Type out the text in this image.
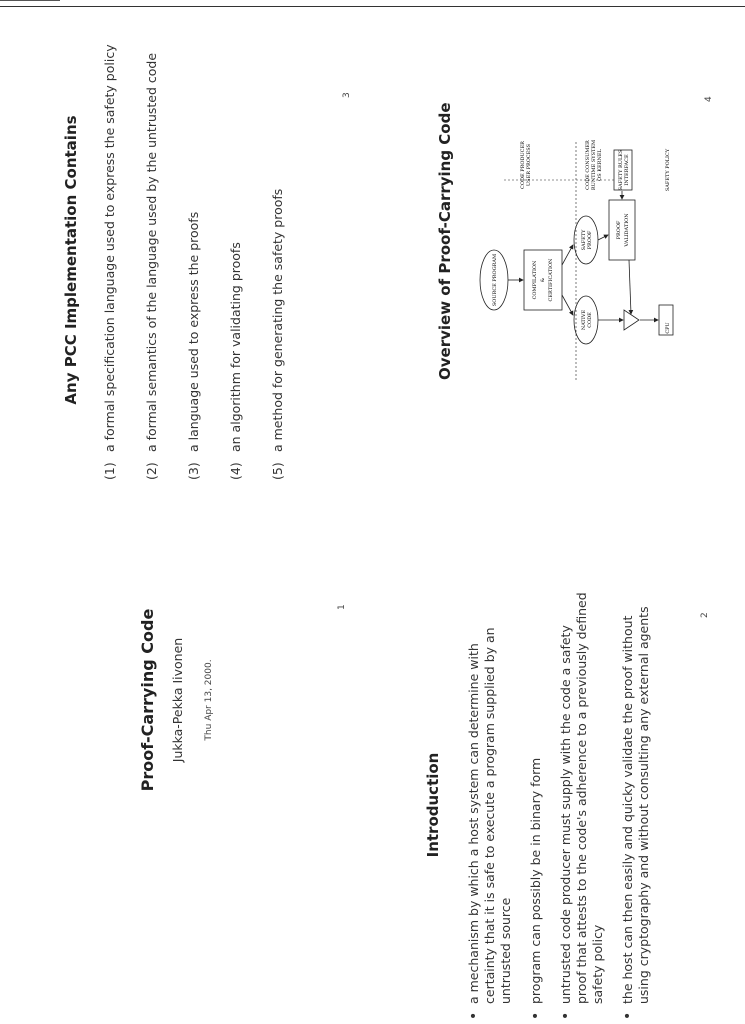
Proof-Carrying Code Jukka-Pekka Iivonen Thu Apr 13, 2000.
1
Introduction • a mechanism by which a host system can determine with certainty that it is safe to execute a program supplied by an untrusted source • program can possibly be in binary form • untrusted code producer must supply with the code a safety proof that attests to the code's adherence to a previously defined safety policy • the host can then easily and quicky validate the proof without using cryptography and without consulting any external agents	2
Any PCC Implementation Contains
(1)
a formal specification language used to express the safety policy
(2)
a formal semantics of the language used by the untrusted code
(3)
a language used to express the proofs
(4)
an algorithm for validating proofs
(5)
a method for generating the safety proofs
3
Overview of Proof-Carrying Code	SOURCE PROGRAM	COMPILATION & CERTIFICATION
NATIVE CODE
SAFETY PROOF
PROOF VALIDATION
CPU
CODE PRODUCER USER PROCESS	CODE CONSUMER RUNTIME SYSTEM OS KERNEL	SAFETY RULES INTERFACE	SAFETY POLICY
4
